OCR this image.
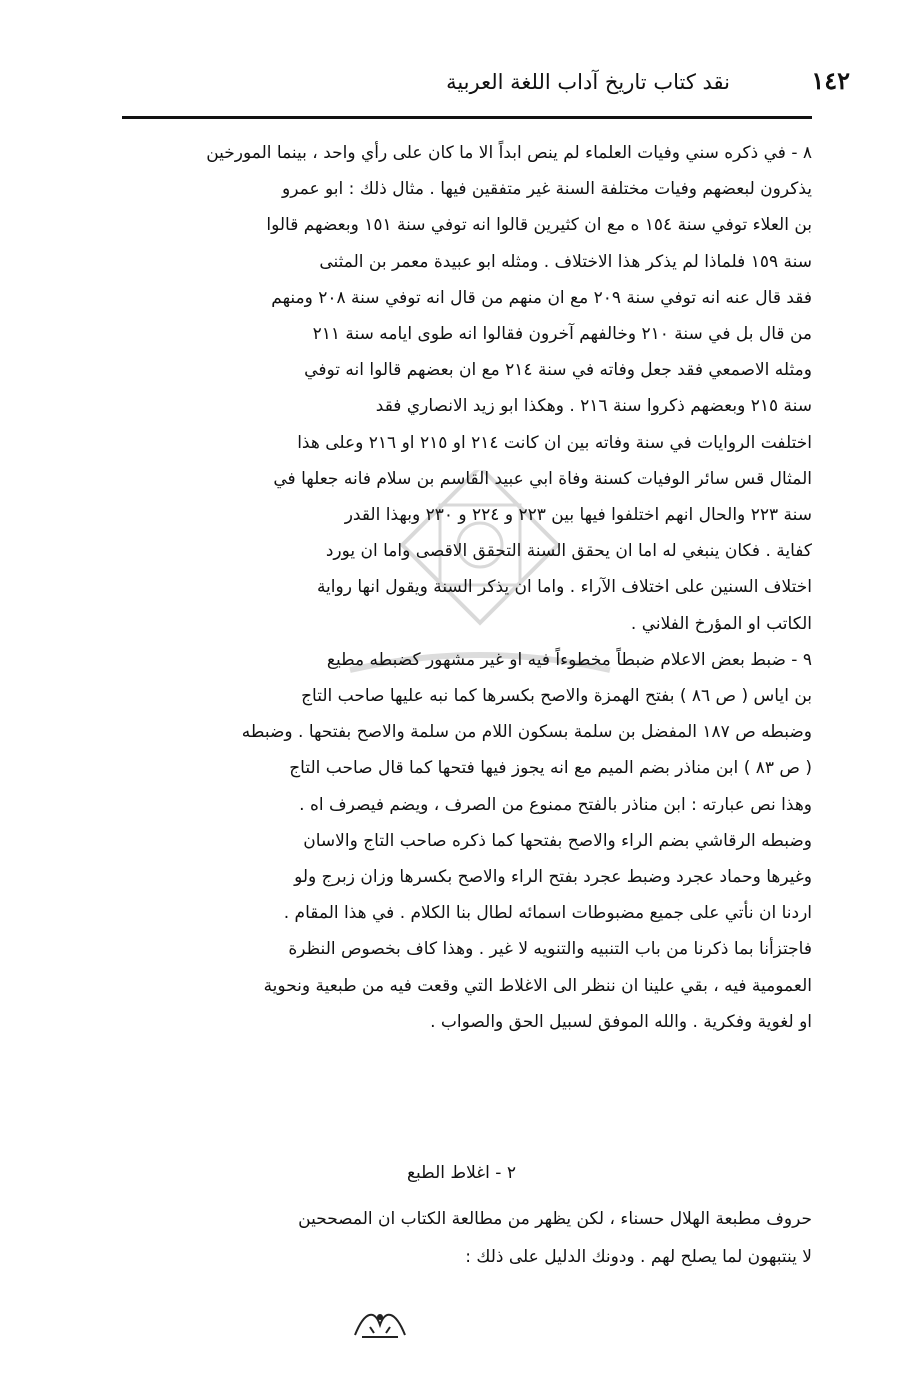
١٤٢
نقد كتاب تاريخ آداب اللغة العربية
٨ - في ذكره سني وفيات العلماء لم ينص ابداً الا ما كان على رأي واحد ، بينما المورخين
يذكرون لبعضهم وفيات مختلفة السنة غير متفقين فيها . مثال ذلك : ابو عمرو
بن العلاء توفي سنة ١٥٤ ه مع ان كثيرين قالوا انه توفي سنة ١٥١ وبعضهم قالوا
سنة ١٥٩ فلماذا لم يذكر هذا الاختلاف . ومثله ابو عبيدة معمر بن المثنى
فقد قال عنه انه توفي سنة ٢٠٩ مع ان منهم من قال انه توفي سنة ٢٠٨ ومنهم
من قال بل في سنة ٢١٠ وخالفهم آخرون فقالوا انه طوى ايامه سنة ٢١١
ومثله الاصمعي فقد جعل وفاته في سنة ٢١٤ مع ان بعضهم قالوا انه توفي
سنة ٢١٥ وبعضهم ذكروا سنة ٢١٦ . وهكذا ابو زيد الانصاري فقد
اختلفت الروايات في سنة وفاته بين ان كانت ٢١٤ او ٢١٥ او ٢١٦ وعلى هذا
المثال قس سائر الوفيات كسنة وفاة ابي عبيد القاسم بن سلام فانه جعلها في
سنة ٢٢٣ والحال انهم اختلفوا فيها بين ٢٢٣ و ٢٢٤ و ٢٣٠ وبهذا القدر
كفاية . فكان ينبغي له اما ان يحقق السنة التحقق الاقصى واما ان يورد
اختلاف السنين على اختلاف الآراء . واما ان يذكر السنة ويقول انها رواية
الكاتب او المؤرخ الفلاني .
٩ - ضبط بعض الاعلام ضبطاً مخطوءاً فيه او غير مشهور كضبطه مطيع
بن اياس ( ص ٨٦ ) بفتح الهمزة والاصح بكسرها كما نبه عليها صاحب التاج
وضبطه ص ١٨٧ المفضل بن سلمة بسكون اللام من سلمة والاصح بفتحها . وضبطه
( ص ٨٣ ) ابن مناذر بضم الميم مع انه يجوز فيها فتحها كما قال صاحب التاج
وهذا نص عبارته : ابن مناذر بالفتح ممنوع من الصرف ، ويضم فيصرف اه .
وضبطه الرقاشي بضم الراء والاصح بفتحها كما ذكره صاحب التاج والاسان
وغيرها وحماد عجرد وضبط عجرد بفتح الراء والاصح بكسرها وزان زبرج ولو
اردنا ان نأتي على جميع مضبوطات اسمائه لطال بنا الكلام . في هذا المقام .
فاجتزأنا بما ذكرنا من باب التنبيه والتنويه لا غير . وهذا كاف بخصوص النظرة
العمومية فيه ، بقي علينا ان ننظر الى الاغلاط التي وقعت فيه من طبعية ونحوية
او لغوية وفكرية . والله الموفق لسبيل الحق والصواب .
٢ - اغلاط الطبع
حروف مطبعة الهلال حسناء ، لكن يظهر من مطالعة الكتاب ان المصححين
لا ينتبهون لما يصلح لهم . ودونك الدليل على ذلك :
